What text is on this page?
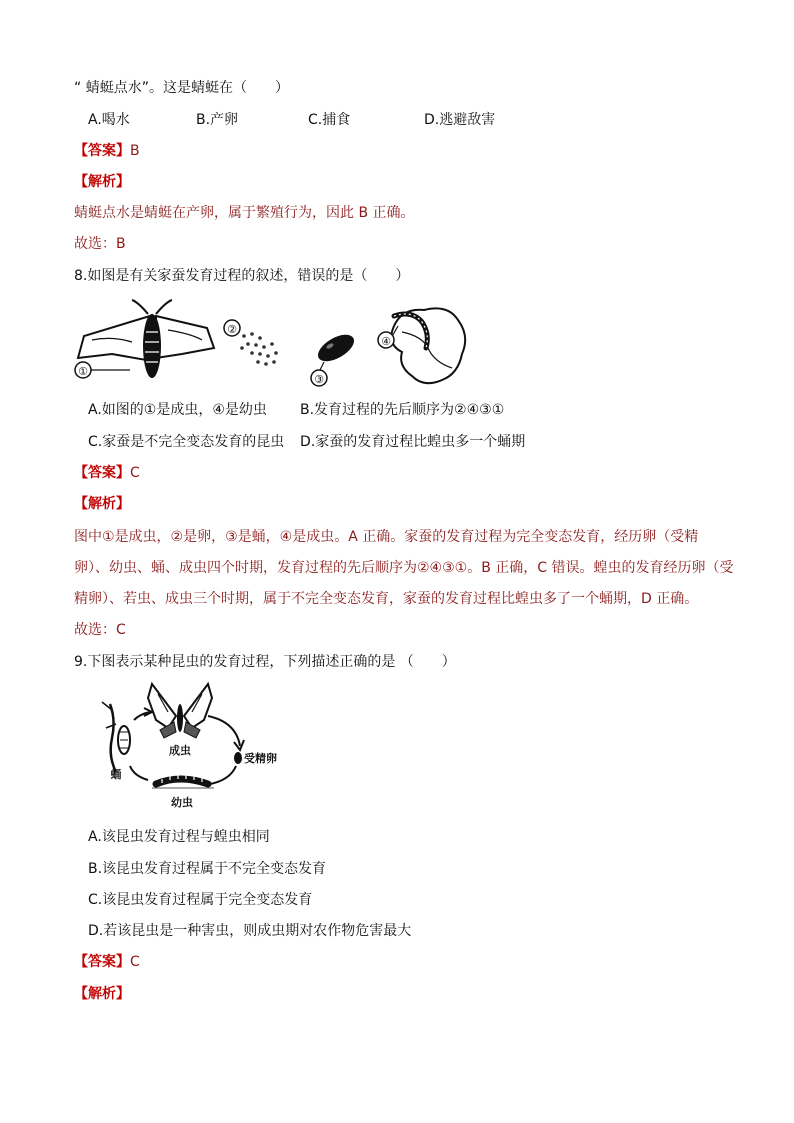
“ 蜻蜓点水”。这是蜻蜓在（　　）
A.喝水	B.产卵	C.捕食	D.逃避敌害
【答案】B
【解析】
蜻蜓点水是蜻蜓在产卵，属于繁殖行为，因此 B 正确。
故选：B
8.如图是有关家蚕发育过程的叙述，错误的是（　　）
①
②
③
④
A.如图的①是成虫，④是幼虫 B.发育过程的先后顺序为②④③①
C.家蚕是不完全变态发育的昆虫 D.家蚕的发育过程比蝗虫多一个蛹期
【答案】C
【解析】
图中①是成虫，②是卵，③是蛹，④是成虫。A 正确。家蚕的发育过程为完全变态发育，经历卵（受精
卵）、幼虫、蛹、成虫四个时期，发育过程的先后顺序为②④③①。B 正确，C 错误。蝗虫的发育经历卵（受
精卵）、若虫、成虫三个时期，属于不完全变态发育，家蚕的发育过程比蝗虫多了一个蛹期，D 正确。
故选：C
9.下图表示某种昆虫的发育过程，下列描述正确的是 （　　）
成虫
受精卵
幼虫
蛹
A.该昆虫发育过程与蝗虫相同
B.该昆虫发育过程属于不完全变态发育
C.该昆虫发育过程属于完全变态发育
D.若该昆虫是一种害虫，则成虫期对农作物危害最大
【答案】C
【解析】
